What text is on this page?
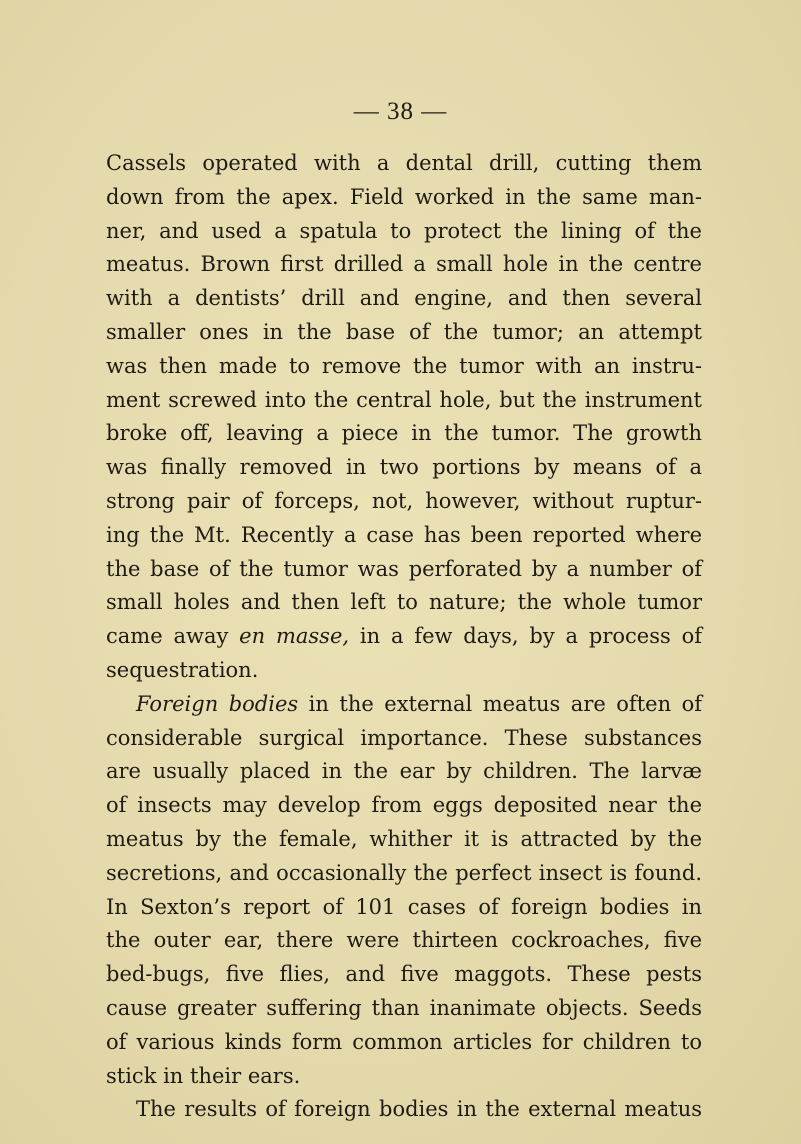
— 38 —
Cassels operated with a dental drill, cutting them
down from the apex. Field worked in the same man-
ner, and used a spatula to protect the lining of the
meatus. Brown first drilled a small hole in the centre
with a dentists’ drill and engine, and then several
smaller ones in the base of the tumor; an attempt
was then made to remove the tumor with an instru-
ment screwed into the central hole, but the instrument
broke off, leaving a piece in the tumor. The growth
was finally removed in two portions by means of a
strong pair of forceps, not, however, without ruptur-
ing the Mt. Recently a case has been reported where
the base of the tumor was perforated by a number of
small holes and then left to nature; the whole tumor
came away en masse, in a few days, by a process of
sequestration.
Foreign bodies in the external meatus are often of
considerable surgical importance. These substances
are usually placed in the ear by children. The larvæ
of insects may develop from eggs deposited near the
meatus by the female, whither it is attracted by the
secretions, and occasionally the perfect insect is found.
In Sexton’s report of 101 cases of foreign bodies in
the outer ear, there were thirteen cockroaches, five
bed-bugs, five flies, and five maggots. These pests
cause greater suffering than inanimate objects. Seeds
of various kinds form common articles for children to
stick in their ears.
The results of foreign bodies in the external meatus
